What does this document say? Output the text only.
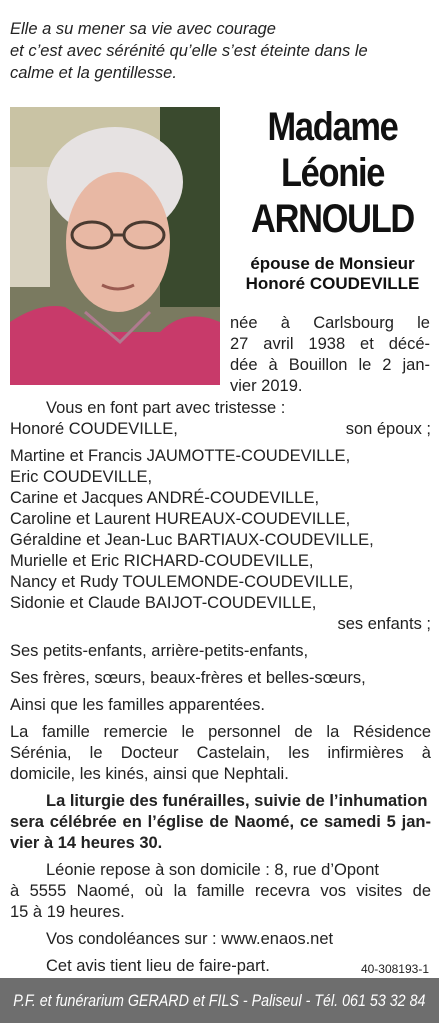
Elle a su mener sa vie avec courage
et c’est avec sérénité qu’elle s’est éteinte dans le
calme et la gentillesse.
Madame
Léonie
ARNOULD
épouse de Monsieur
Honoré COUDEVILLE
née à Carlsbourg le
27 avril 1938 et décé-
dée à Bouillon le 2 jan-
vier 2019.
Vous en font part avec tristesse :
Honoré COUDEVILLE,	son époux ;
Martine et Francis JAUMOTTE-COUDEVILLE,
Eric COUDEVILLE,
Carine et Jacques ANDRÉ-COUDEVILLE,
Caroline et Laurent HUREAUX-COUDEVILLE,
Géraldine et Jean-Luc BARTIAUX-COUDEVILLE,
Murielle et Eric RICHARD-COUDEVILLE,
Nancy et Rudy TOULEMONDE-COUDEVILLE,
Sidonie et Claude BAIJOT-COUDEVILLE,
ses enfants ;
Ses petits-enfants, arrière-petits-enfants,
Ses frères, sœurs, beaux-frères et belles-sœurs,
Ainsi que les familles apparentées.
La famille remercie le personnel de la Résidence
Sérénia, le Docteur Castelain, les infirmières à
domicile, les kinés, ainsi que Nephtali.
La liturgie des funérailles, suivie de l’inhumation
sera célébrée en l’église de Naomé, ce samedi 5 jan-
vier à 14 heures 30.
Léonie repose à son domicile : 8, rue d’Opont
à 5555 Naomé, où la famille recevra vos visites de
15 à 19 heures.
Vos condoléances sur : www.enaos.net
Cet avis tient lieu de faire-part.	40-308193-1
P.F. et funérarium GERARD et FILS - Paliseul - Tél. 061 53 32 84
